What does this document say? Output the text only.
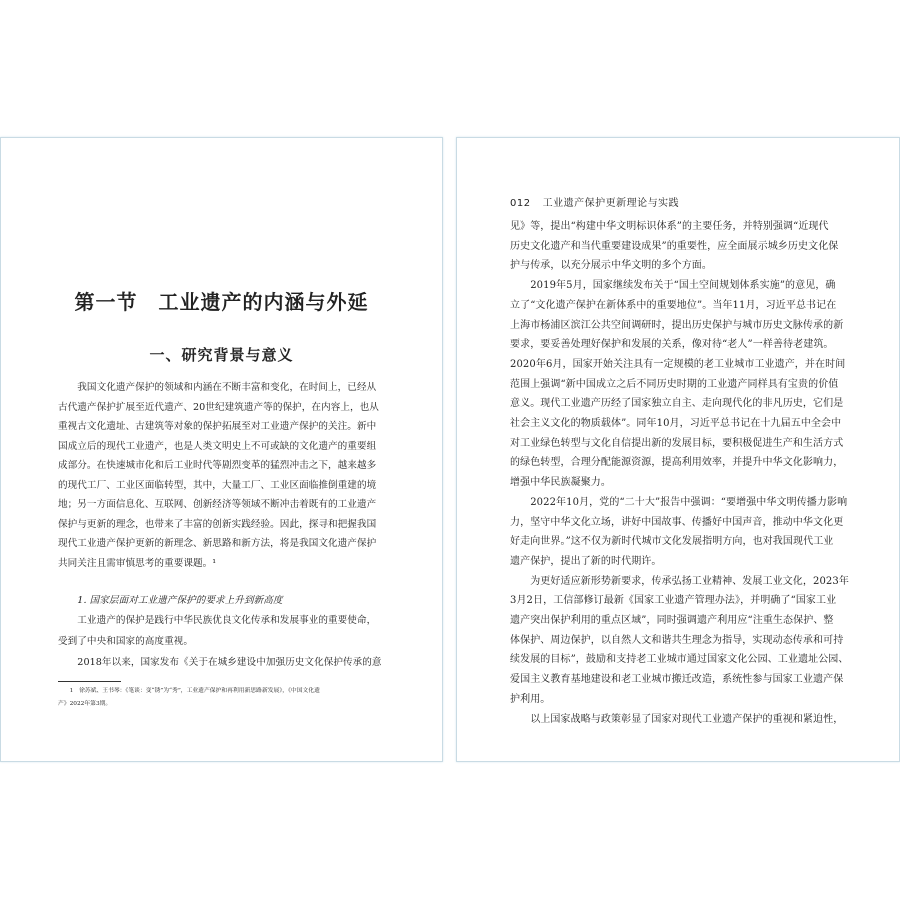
第一节　工业遗产的内涵与外延
一、研究背景与意义
　　我国文化遗产保护的领域和内涵在不断丰富和变化，在时间上，已经从
古代遗产保护扩展至近代遗产、20世纪建筑遗产等的保护，在内容上，也从
重视古文化遗址、古建筑等对象的保护拓展至对工业遗产保护的关注。新中
国成立后的现代工业遗产，也是人类文明史上不可或缺的文化遗产的重要组
成部分。在快速城市化和后工业时代等剧烈变革的猛烈冲击之下，越来越多
的现代工厂、工业区面临转型，其中，大量工厂、工业区面临推倒重建的境
地；另一方面信息化、互联网、创新经济等领域不断冲击着既有的工业遗产
保护与更新的理念，也带来了丰富的创新实践经验。因此，探寻和把握我国
现代工业遗产保护更新的新理念、新思路和新方法，将是我国文化遗产保护
共同关注且需审慎思考的重要课题。¹
　　1. 国家层面对工业遗产保护的要求上升到新高度
　　工业遗产的保护是践行中华民族优良文化传承和发展事业的重要使命，
受到了中央和国家的高度重视。
　　2018年以来，国家发布《关于在城乡建设中加强历史文化保护传承的意
　　1　徐苏斌、王书琴：《笔谈：变“锈”为“秀”，工业遗产保护和再利用新思路新发展》，《中国文化遗
产》2022年第3期。
012 工业遗产保护更新理论与实践
见》等，提出“构建中华文明标识体系”的主要任务，并特别强调“近现代
历史文化遗产和当代重要建设成果”的重要性，应全面展示城乡历史文化保
护与传承，以充分展示中华文明的多个方面。
　　2019年5月，国家继续发布关于“国土空间规划体系实施”的意见，确
立了“文化遗产保护在新体系中的重要地位”。当年11月，习近平总书记在
上海市杨浦区滨江公共空间调研时，提出历史保护与城市历史文脉传承的新
要求，要妥善处理好保护和发展的关系，像对待“老人”一样善待老建筑。
2020年6月，国家开始关注具有一定规模的老工业城市工业遗产，并在时间
范围上强调“新中国成立之后不同历史时期的工业遗产同样具有宝贵的价值
意义。现代工业遗产历经了国家独立自主、走向现代化的非凡历史，它们是
社会主义文化的物质载体”。同年10月，习近平总书记在十九届五中全会中
对工业绿色转型与文化自信提出新的发展目标，要积极促进生产和生活方式
的绿色转型，合理分配能源资源，提高利用效率，并提升中华文化影响力，
增强中华民族凝聚力。
　　2022年10月，党的“二十大”报告中强调：“要增强中华文明传播力影响
力，坚守中华文化立场，讲好中国故事、传播好中国声音，推动中华文化更
好走向世界。”这不仅为新时代城市文化发展指明方向，也对我国现代工业
遗产保护，提出了新的时代期许。
　　为更好适应新形势新要求，传承弘扬工业精神、发展工业文化，2023年
3月2日，工信部修订最新《国家工业遗产管理办法》，并明确了“国家工业
遗产突出保护利用的重点区域”，同时强调遗产利用应“注重生态保护、整
体保护、周边保护，以自然人文和谐共生理念为指导，实现动态传承和可持
续发展的目标”，鼓励和支持老工业城市通过国家文化公园、工业遗址公园、
爱国主义教育基地建设和老工业城市搬迁改造，系统性参与国家工业遗产保
护利用。
　　以上国家战略与政策彰显了国家对现代工业遗产保护的重视和紧迫性，
